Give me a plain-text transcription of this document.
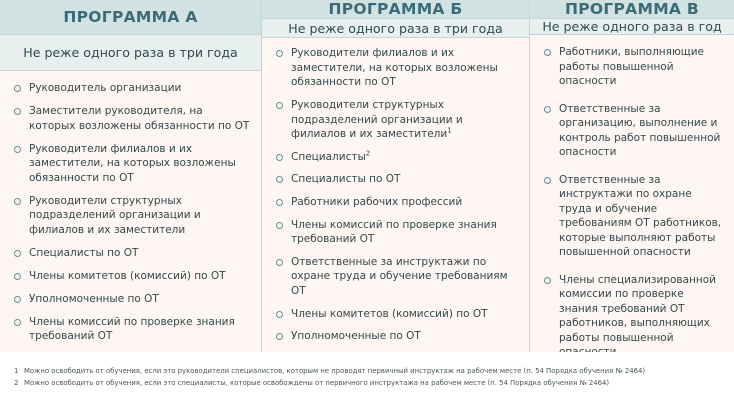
ПРОГРАММА А
Не реже одного раза в три года
Руководитель организации
Заместители руководителя, на которых возложены обязанности по ОТ
Руководители филиалов и их заместители, на которых возложены обязанности по ОТ
Руководители структурных подразделений организации и филиалов и их заместители
Специалисты по ОТ
Члены комитетов (комиссий) по ОТ
Уполномоченные по ОТ
Члены комиссий по проверке знания требований ОТ
ПРОГРАММА Б
Не реже одного раза в три года
Руководители филиалов и их заместители, на которых возложены обязанности по ОТ
Руководители структурных подразделений организации и филиалов и их заместители$^1$
Специалисты$^2$
Специалисты по ОТ
Работники рабочих профессий
Члены комиссий по проверке знания требований ОТ
Ответственные за инструктажи по охране труда и обучение требованиям ОТ
Члены комитетов (комиссий) по ОТ
Уполномоченные по ОТ
ПРОГРАММА В
Не реже одного раза в год
Работники, выполняющие работы повышенной опасности
Ответственные за организацию, выполнение и контроль работ повышенной опасности
Ответственные за инструктажи по охране труда и обучение требованиям ОТ работников, которые выполняют работы повышенной опасности
Члены специализированной комиссии по проверке знания требований ОТ работников, выполняющих работы повышенной
1 Можно освободить от обучения, если это руководители специалистов, которым не проводят первичный инструктаж на рабочем месте (п. 54 Порядка обучения № 2464)
2 Можно освободить от обучения, если это специалисты, которые освобождены от первичного инструктажа на рабочем месте (п. 54 Порядка обучения № 2464)
